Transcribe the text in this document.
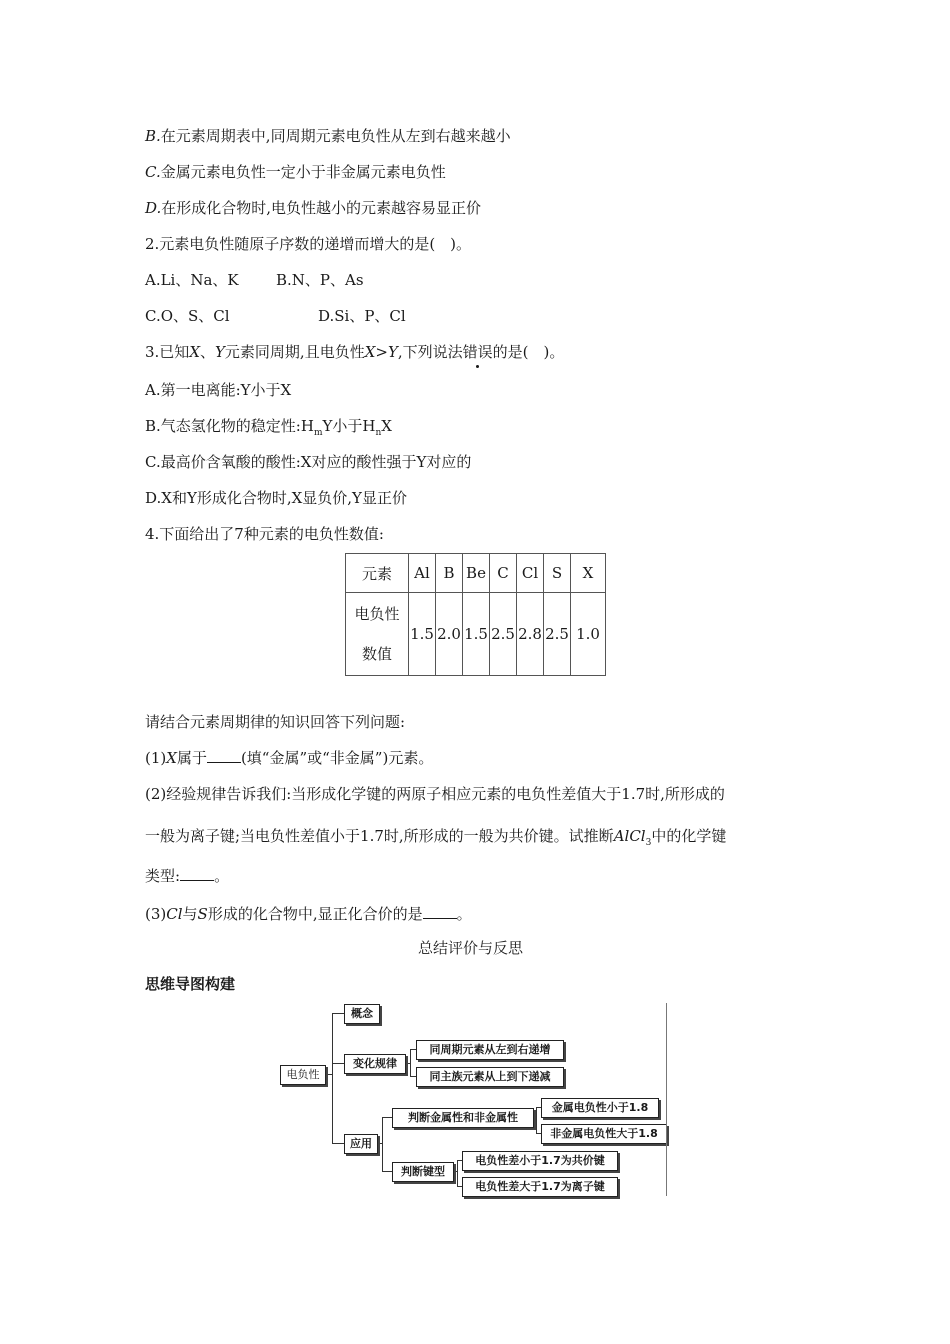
B.在元素周期表中,同周期元素电负性从左到右越来越小
C.金属元素电负性一定小于非金属元素电负性
D.在形成化合物时,电负性越小的元素越容易显正价
2.元素电负性随原子序数的递增而增大的是(　)。
A.Li、Na、K B.N、P、As
C.O、S、Cl	D.Si、P、Cl
3.已知X、Y元素同周期,且电负性X>Y,下列说法错误的是(　)。
A.第一电离能:Y小于X
B.气态氢化物的稳定性$:H_mY$小于$H_nX$
C.最高价含氧酸的酸性:X对应的酸性强于Y对应的
D.X和Y形成化合物时,X显负价,Y显正价
4.下面给出了7种元素的电负性数值:
元素	Al	B	Be	C	Cl	S	X
电负性
数值	1.5	2.0	1.5	2.5	2.8	2.5	1.0
请结合元素周期律的知识回答下列问题:
(1)X属于 (填“金属”或“非金属”)元素。
(2)经验规律告诉我们:当形成化学键的两原子相应元素的电负性差值大于1.7时,所形成的
一般为离子键;当电负性差值小于1.7时,所形成的一般为共价键。试推断AlCl$_3$中的化学键
类型: 。
(3)Cl与S形成的化合物中,显正化合价的是 。
总结评价与反思
思维导图构建
电负性
概念
变化规律
同周期元素从左到右递增
同主族元素从上到下递减
应用
判断金属性和非金属性
金属电负性小于1.8
非金属电负性大于1.8
判断键型
电负性差小于1.7为共价键
电负性差大于1.7为离子键
